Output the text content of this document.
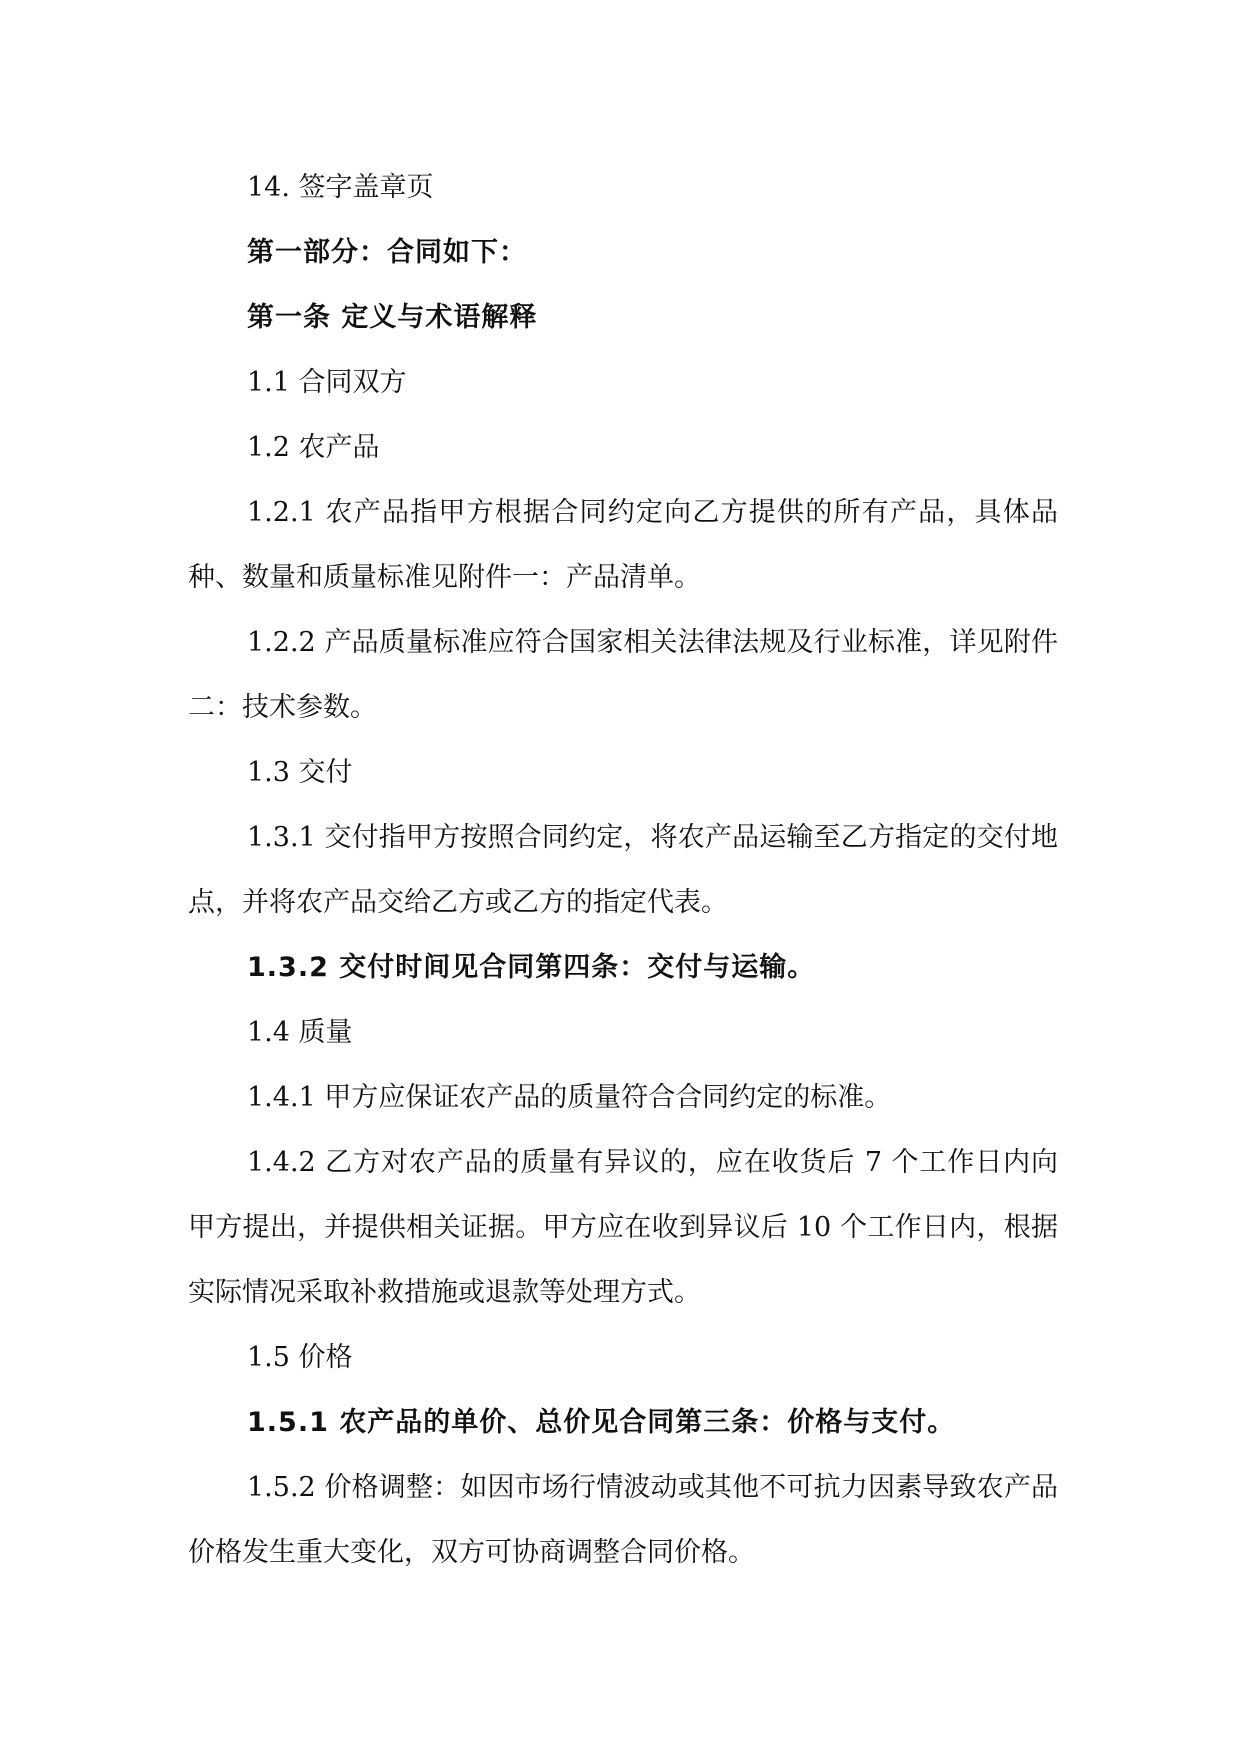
14. 签字盖章页

第一部分：合同如下：

第一条 定义与术语解释

1.1 合同双方

1.2 农产品

1.2.1 农产品指甲方根据合同约定向乙方提供的所有产品，具体品种、数量和质量标准见附件一：产品清单。

1.2.2 产品质量标准应符合国家相关法律法规及行业标准，详见附件二：技术参数。

1.3 交付

1.3.1 交付指甲方按照合同约定，将农产品运输至乙方指定的交付地点，并将农产品交给乙方或乙方的指定代表。

1.3.2 交付时间见合同第四条：交付与运输。

1.4 质量

1.4.1 甲方应保证农产品的质量符合合同约定的标准。

1.4.2 乙方对农产品的质量有异议的，应在收货后 7 个工作日内向甲方提出，并提供相关证据。甲方应在收到异议后 10 个工作日内，根据实际情况采取补救措施或退款等处理方式。

1.5 价格

1.5.1 农产品的单价、总价见合同第三条：价格与支付。

1.5.2 价格调整：如因市场行情波动或其他不可抗力因素导致农产品价格发生重大变化，双方可协商调整合同价格。
